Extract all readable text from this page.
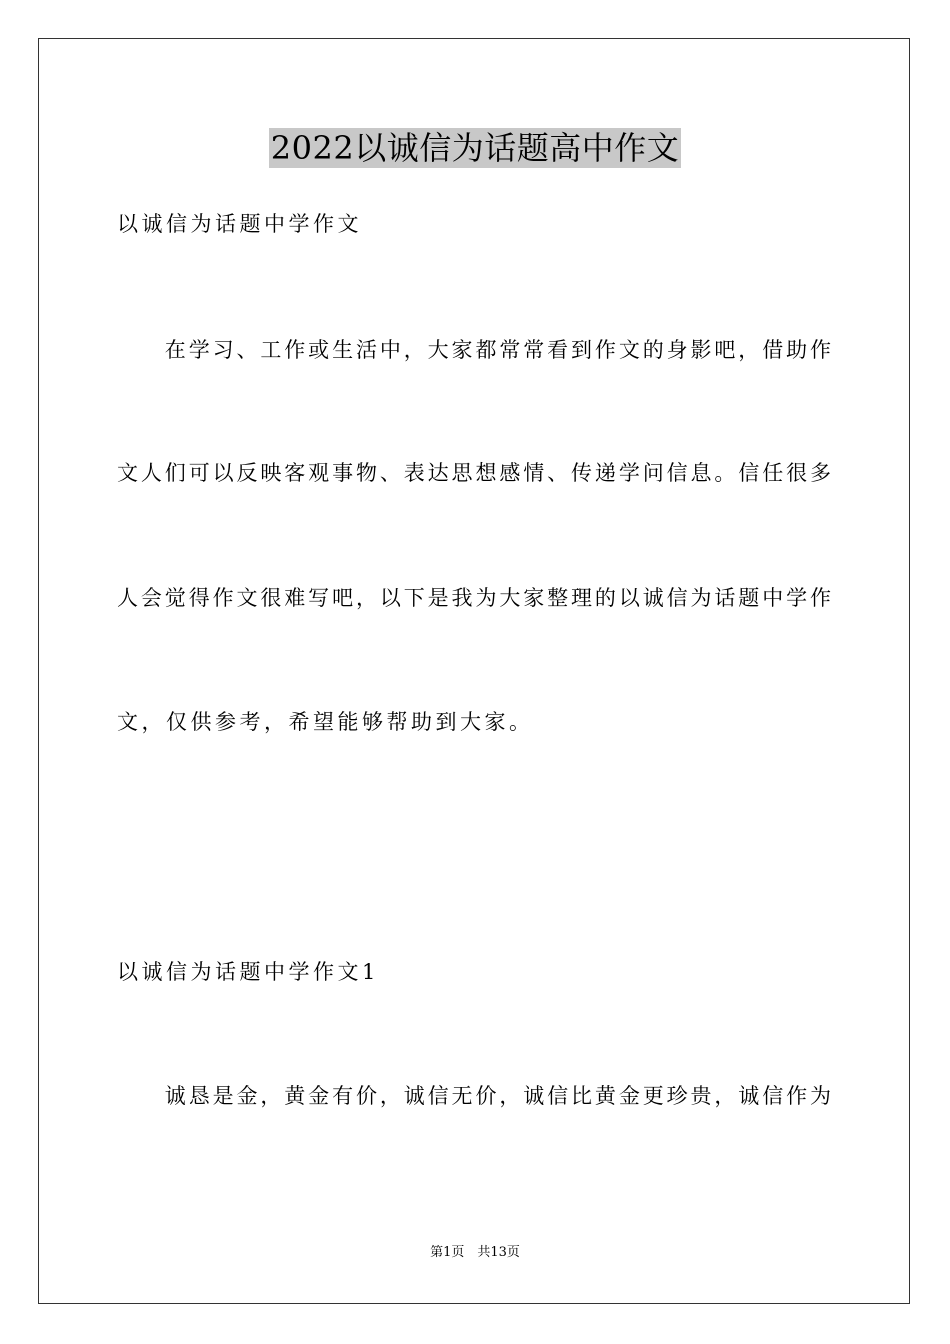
2022以诚信为话题高中作文
以诚信为话题中学作文
　　在学习、工作或生活中，大家都常常看到作文的身影吧，借助作
文人们可以反映客观事物、表达思想感情、传递学问信息。信任很多
人会觉得作文很难写吧，以下是我为大家整理的以诚信为话题中学作
文，仅供参考，希望能够帮助到大家。
以诚信为话题中学作文1
　　诚恳是金，黄金有价，诚信无价，诚信比黄金更珍贵，诚信作为
第1页　共13页
